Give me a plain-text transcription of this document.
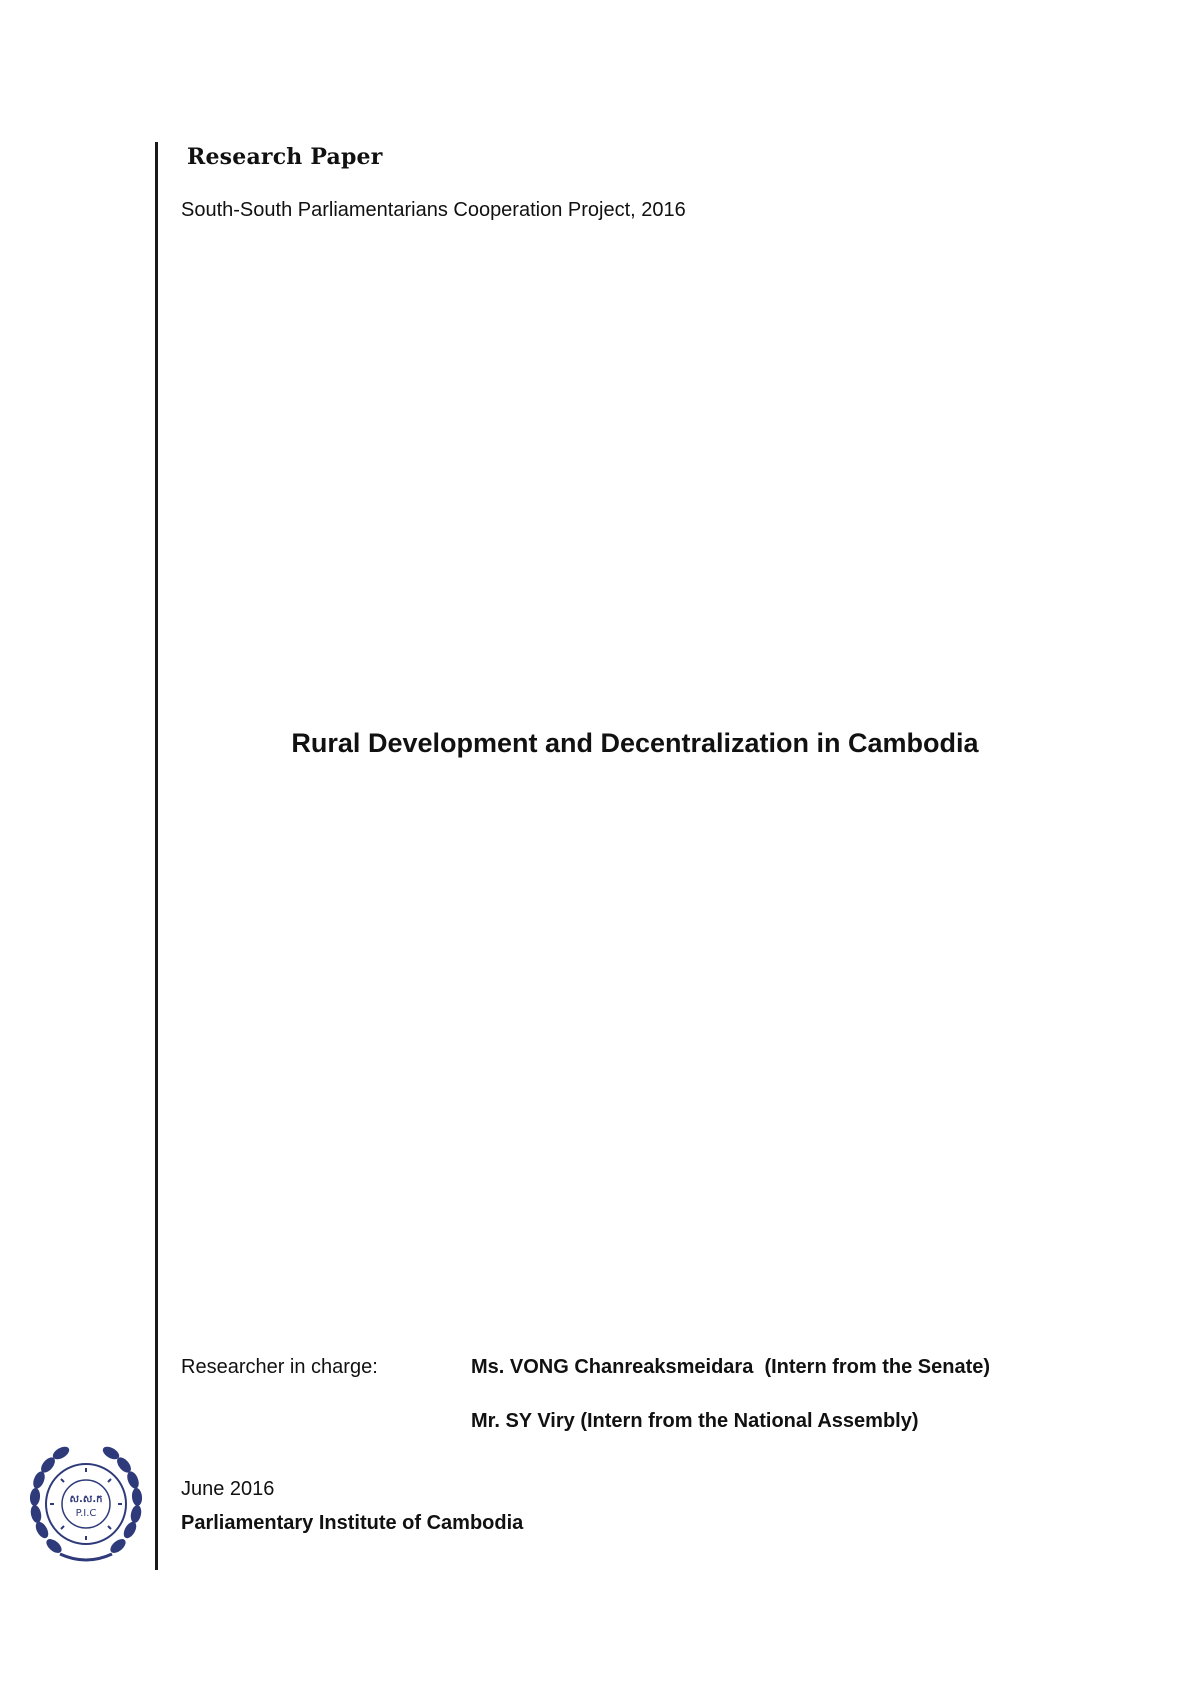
Research Paper
South-South Parliamentarians Cooperation Project, 2016
Rural Development and Decentralization in Cambodia
Researcher in charge:	Ms. VONG Chanreaksmeidara  (Intern from the Senate)
Mr. SY Viry (Intern from the National Assembly)
June 2016
Parliamentary Institute of Cambodia
ស.ស.ក
P.I.C
